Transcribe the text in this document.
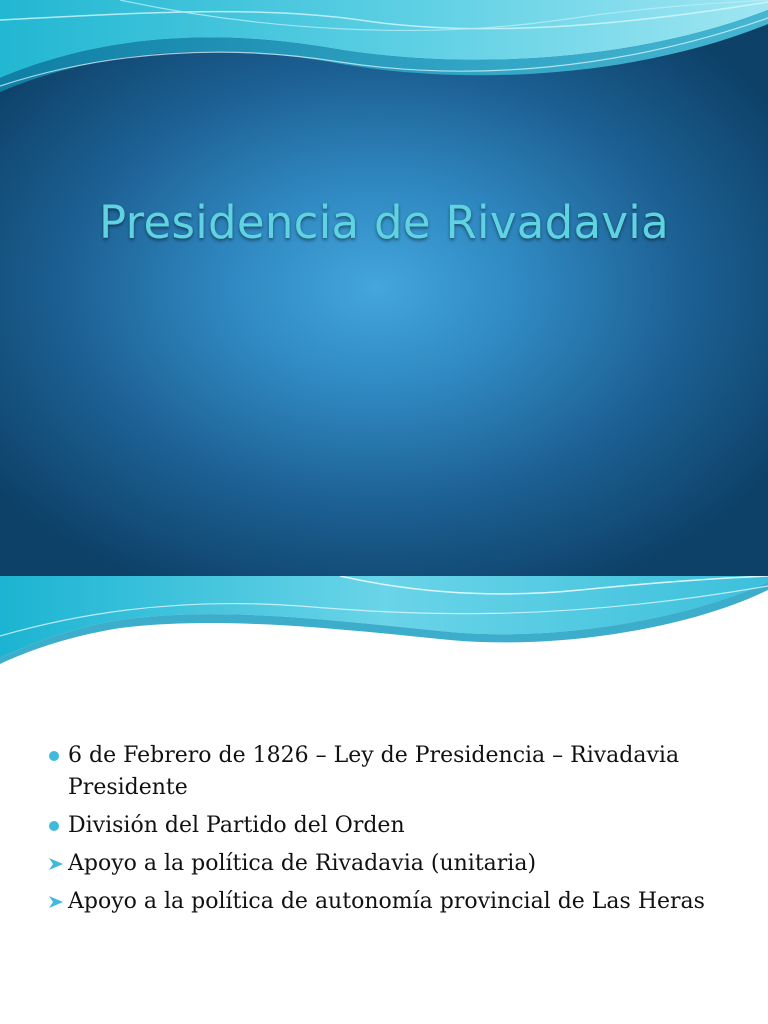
Presidencia de Rivadavia
6 de Febrero de 1826 – Ley de Presidencia – Rivadavia Presidente
División del Partido del Orden
Apoyo a la política de Rivadavia (unitaria)
Apoyo a la política de autonomía provincial de Las Heras
